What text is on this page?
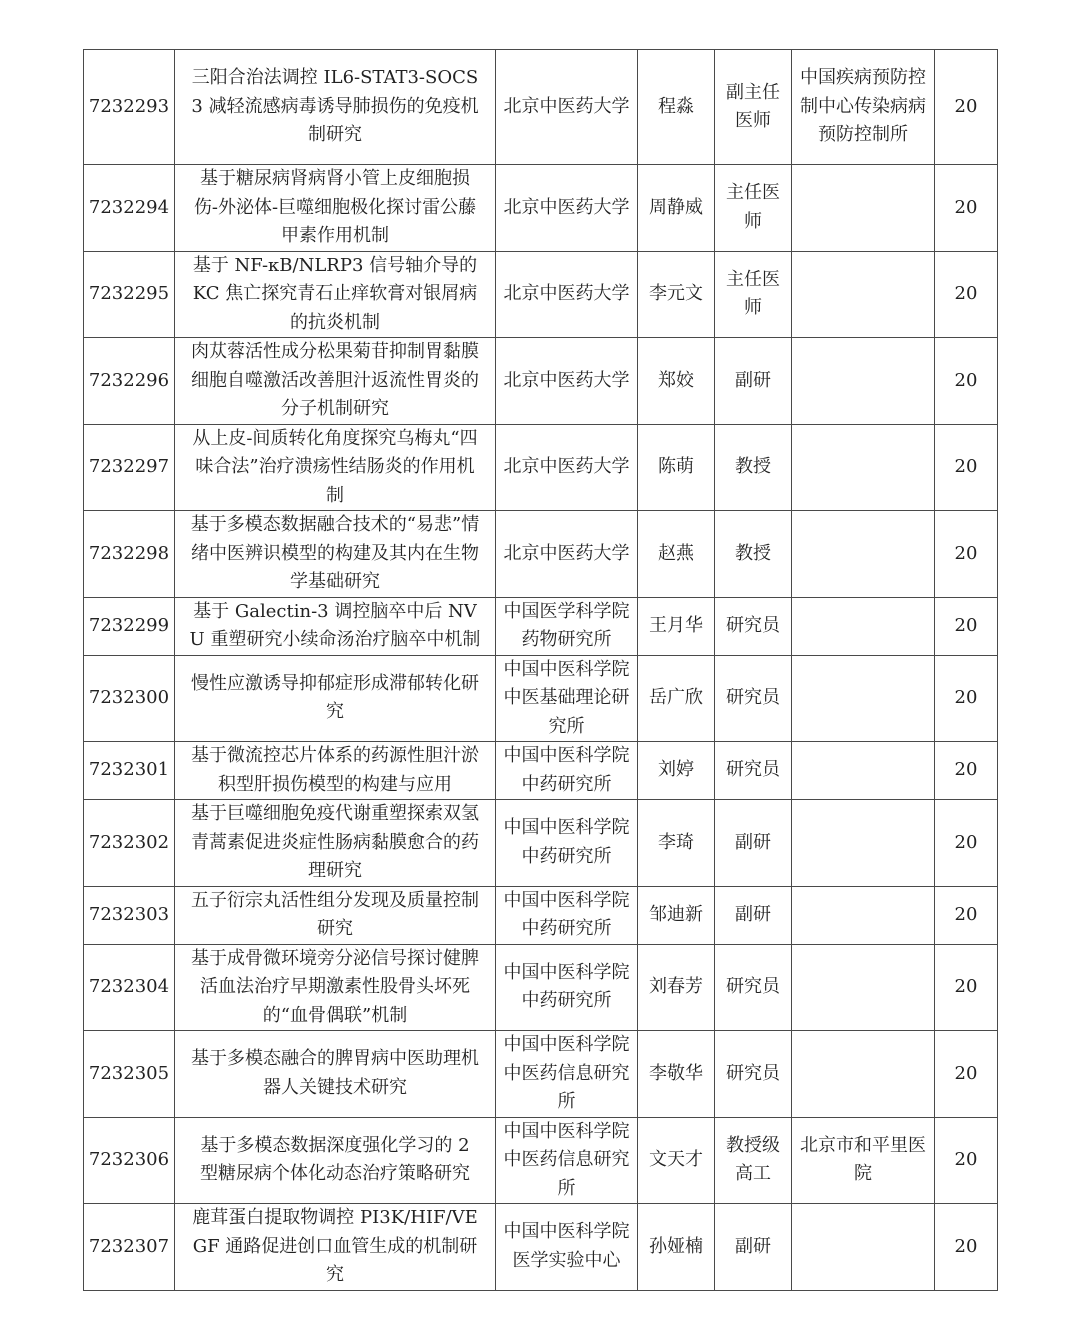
7232293	三阳合治法调控 IL6-STAT3-SOCS3 减轻流感病毒诱导肺损伤的免疫机制研究	北京中医药大学	程淼	副主任医师	中国疾病预防控制中心传染病病预防控制所	20
7232294	基于糖尿病肾病肾小管上皮细胞损伤-外泌体-巨噬细胞极化探讨雷公藤甲素作用机制	北京中医药大学	周静威	主任医师		20
7232295	基于 NF-κB/NLRP3 信号轴介导的 KC 焦亡探究青石止痒软膏对银屑病的抗炎机制	北京中医药大学	李元文	主任医师		20
7232296	肉苁蓉活性成分松果菊苷抑制胃黏膜细胞自噬激活改善胆汁返流性胃炎的分子机制研究	北京中医药大学	郑姣	副研		20
7232297	从上皮-间质转化角度探究乌梅丸“四味合法”治疗溃疡性结肠炎的作用机制	北京中医药大学	陈萌	教授		20
7232298	基于多模态数据融合技术的“易悲”情绪中医辨识模型的构建及其内在生物学基础研究	北京中医药大学	赵燕	教授		20
7232299	基于 Galectin-3 调控脑卒中后 NVU 重塑研究小续命汤治疗脑卒中机制	中国医学科学院药物研究所	王月华	研究员		20
7232300	慢性应激诱导抑郁症形成滞郁转化研究	中国中医科学院中医基础理论研究所	岳广欣	研究员		20
7232301	基于微流控芯片体系的药源性胆汁淤积型肝损伤模型的构建与应用	中国中医科学院中药研究所	刘婷	研究员		20
7232302	基于巨噬细胞免疫代谢重塑探索双氢青蒿素促进炎症性肠病黏膜愈合的药理研究	中国中医科学院中药研究所	李琦	副研		20
7232303	五子衍宗丸活性组分发现及质量控制研究	中国中医科学院中药研究所	邹迪新	副研		20
7232304	基于成骨微环境旁分泌信号探讨健脾活血法治疗早期激素性股骨头坏死的“血骨偶联”机制	中国中医科学院中药研究所	刘春芳	研究员		20
7232305	基于多模态融合的脾胃病中医助理机器人关键技术研究	中国中医科学院中医药信息研究所	李敬华	研究员		20
7232306	基于多模态数据深度强化学习的 2 型糖尿病个体化动态治疗策略研究	中国中医科学院中医药信息研究所	文天才	教授级高工	北京市和平里医院	20
7232307	鹿茸蛋白提取物调控 PI3K/HIF/VEGF 通路促进创口血管生成的机制研究	中国中医科学院医学实验中心	孙娅楠	副研		20
